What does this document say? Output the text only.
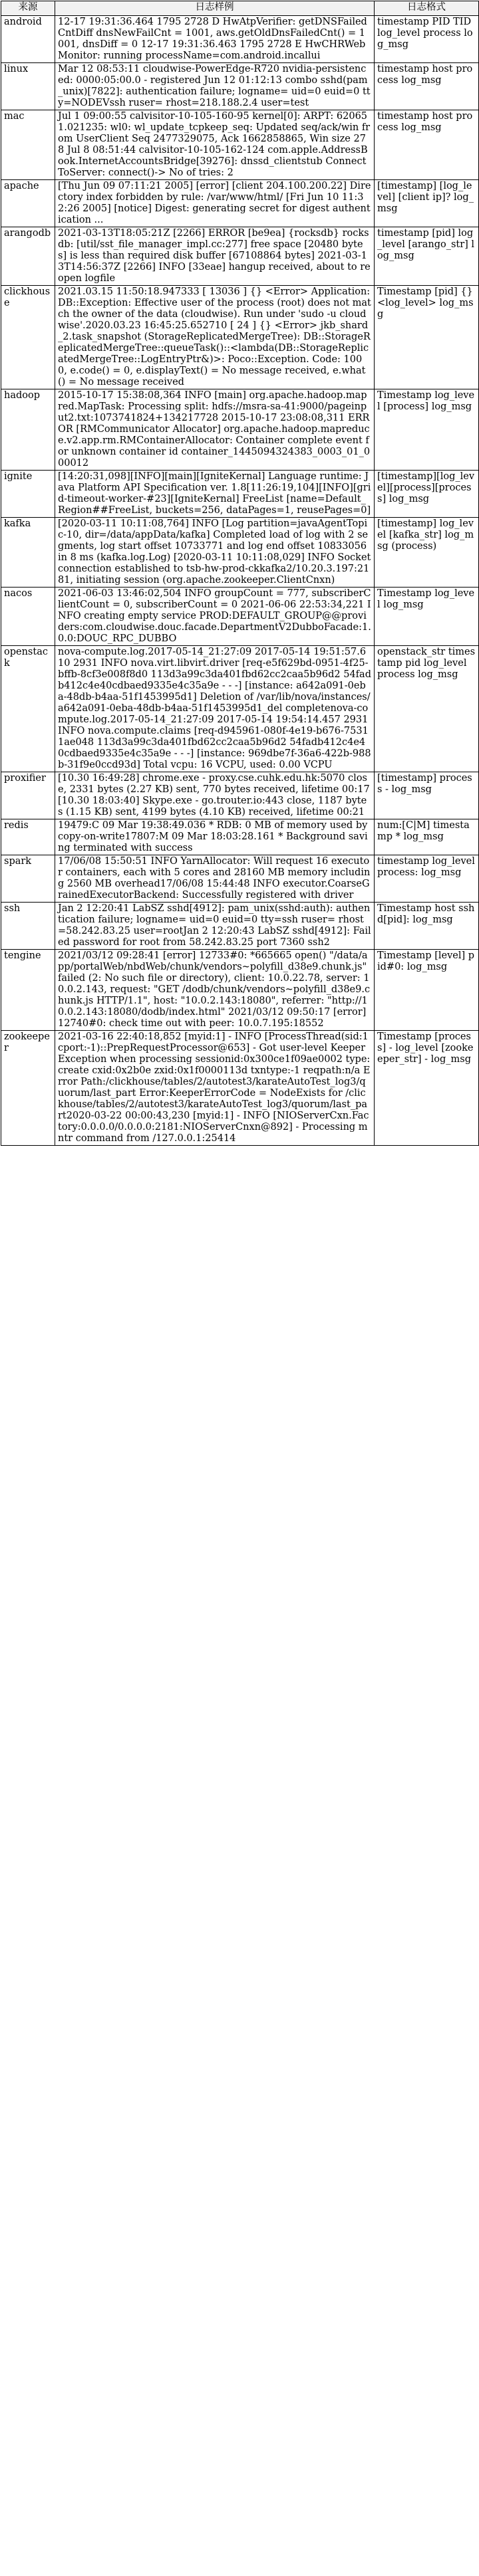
来源	日志样例	日志格式
android	12-17 19:31:36.464 1795 2728 D HwAtpVerifier: getDNSFailedCntDiff dnsNewFailCnt = 1001, aws.getOldDnsFailedCnt() = 1001, dnsDiff = 0 12-17 19:31:36.463 1795 2728 E HwCHRWebMonitor: running processName=com.android.incallui	timestamp PID TID log_level process log_msg
linux	Mar 12 08:53:11 cloudwise-PowerEdge-R720 nvidia-persistenced: 0000:05:00.0 - registered Jun 12 01:12:13 combo sshd(pam_unix)[7822]: authentication failure; logname= uid=0 euid=0 tty=NODEVssh ruser= rhost=218.188.2.4 user=test	timestamp host process log_msg
mac	Jul 1 09:00:55 calvisitor-10-105-160-95 kernel[0]: ARPT: 620651.021235: wl0: wl_update_tcpkeep_seq: Updated seq/ack/win from UserClient Seq 2477329075, Ack 1662858865, Win size 278 Jul 8 08:51:44 calvisitor-10-105-162-124 com.apple.AddressBook.InternetAccountsBridge[39276]: dnssd_clientstub ConnectToServer: connect()-> No of tries: 2	timestamp host process log_msg
apache	[Thu Jun 09 07:11:21 2005] [error] [client 204.100.200.22] Directory index forbidden by rule: /var/www/html/ [Fri Jun 10 11:32:26 2005] [notice] Digest: generating secret for digest authentication ...	[timestamp] [log_level] [client ip]? log_msg
arangodb	2021-03-13T18:05:21Z [2266] ERROR [be9ea] {rocksdb} rocksdb: [util/sst_file_manager_impl.cc:277] free space [20480 bytes] is less than required disk buffer [67108864 bytes] 2021-03-13T14:56:37Z [2266] INFO [33eae] hangup received, about to reopen logfile	timestamp [pid] log_level [arango_str] log_msg
clickhouse	2021.03.15 11:50:18.947333 [ 13036 ] {} <Error> Application: DB::Exception: Effective user of the process (root) does not match the owner of the data (cloudwise). Run under 'sudo -u cloudwise'.2020.03.23 16:45:25.652710 [ 24 ] {} <Error> jkb_shard_2.task_snapshot (StorageReplicatedMergeTree): DB::StorageReplicatedMergeTree::queueTask()::<lambda(DB::StorageReplicatedMergeTree::LogEntryPtr&)>: Poco::Exception. Code: 1000, e.code() = 0, e.displayText() = No message received, e.what() = No message received	Timestamp [pid] {} <log_level> log_msg
hadoop	2015-10-17 15:38:08,364 INFO [main] org.apache.hadoop.mapred.MapTask: Processing split: hdfs://msra-sa-41:9000/pageinput2.txt:1073741824+134217728 2015-10-17 23:08:08,311 ERROR [RMCommunicator Allocator] org.apache.hadoop.mapreduce.v2.app.rm.RMContainerAllocator: Container complete event for unknown container id container_1445094324383_0003_01_000012	Timestamp log_level [process] log_msg
ignite	[14:20:31,098][INFO][main][IgniteKernal] Language runtime: Java Platform API Specification ver. 1.8[11:26:19,104][INFO][grid-timeout-worker-#23][IgniteKernal] FreeList [name=Default_Region##FreeList, buckets=256, dataPages=1, reusePages=0]	[timestamp][log_level][process][process] log_msg
kafka	[2020-03-11 10:11:08,764] INFO [Log partition=javaAgentTopic-10, dir=/data/appData/kafka] Completed load of log with 2 segments, log start offset 10733771 and log end offset 10833056 in 8 ms (kafka.log.Log) [2020-03-11 10:11:08,029] INFO Socket connection established to tsb-hw-prod-ckkafka2/10.20.3.197:2181, initiating session (org.apache.zookeeper.ClientCnxn)	[timestamp] log_level [kafka_str] log_msg (process)
nacos	2021-06-03 13:46:02,504 INFO groupCount = 777, subscriberClientCount = 0, subscriberCount = 0 2021-06-06 22:53:34,221 INFO creating empty service PROD:DEFAULT_GROUP@@providers:com.cloudwise.douc.facade.DepartmentV2DubboFacade:1.0.0:DOUC_RPC_DUBBO	Timestamp log_level log_msg
openstack	nova-compute.log.2017-05-14_21:27:09 2017-05-14 19:51:57.610 2931 INFO nova.virt.libvirt.driver [req-e5f629bd-0951-4f25-bffb-8cf3e008f8d0 113d3a99c3da401fbd62cc2caa5b96d2 54fadb412c4e40cdbaed9335e4c35a9e - - -] [instance: a642a091-0eba-48db-b4aa-51f1453995d1] Deletion of /var/lib/nova/instances/a642a091-0eba-48db-b4aa-51f1453995d1_del completenova-compute.log.2017-05-14_21:27:09 2017-05-14 19:54:14.457 2931 INFO nova.compute.claims [req-d945961-080f-4e19-b676-75311ae048 113d3a99c3da401fbd62cc2caa5b96d2 54fadb412c4e40cdbaed9335e4c35a9e - - -] [instance: 969dbe7f-36a6-422b-988b-31f9e0ccd93d] Total vcpu: 16 VCPU, used: 0.00 VCPU	openstack_str timestamp pid log_level process log_msg
proxifier	[10.30 16:49:28] chrome.exe - proxy.cse.cuhk.edu.hk:5070 close, 2331 bytes (2.27 KB) sent, 770 bytes received, lifetime 00:17[10.30 18:03:40] Skype.exe - go.trouter.io:443 close, 1187 bytes (1.15 KB) sent, 4199 bytes (4.10 KB) received, lifetime 00:21	[timestamp] process - log_msg
redis	19479:C 09 Mar 19:38:49.036 * RDB: 0 MB of memory used by copy-on-write17807:M 09 Mar 18:03:28.161 * Background saving terminated with success	num:[C|M] timestamp * log_msg
spark	17/06/08 15:50:51 INFO YarnAllocator: Will request 16 executor containers, each with 5 cores and 28160 MB memory including 2560 MB overhead17/06/08 15:44:48 INFO executor.CoarseGrainedExecutorBackend: Successfully registered with driver	timestamp log_level process: log_msg
ssh	Jan 2 12:20:41 LabSZ sshd[4912]: pam_unix(sshd:auth): authentication failure; logname= uid=0 euid=0 tty=ssh ruser= rhost=58.242.83.25 user=rootJan 2 12:20:43 LabSZ sshd[4912]: Failed password for root from 58.242.83.25 port 7360 ssh2	Timestamp host sshd[pid]: log_msg
tengine	2021/03/12 09:28:41 [error] 12733#0: *665665 open() "/data/app/portalWeb/nbdWeb/chunk/vendors~polyfill_d38e9.chunk.js" failed (2: No such file or directory), client: 10.0.22.78, server: 10.0.2.143, request: "GET /dodb/chunk/vendors~polyfill_d38e9.chunk.js HTTP/1.1", host: "10.0.2.143:18080", referrer: "http://10.0.2.143:18080/dodb/index.html" 2021/03/12 09:50:17 [error] 12740#0: check time out with peer: 10.0.7.195:18552	Timestamp [level] pid#0: log_msg
zookeeper	2021-03-16 22:40:18,852 [myid:1] - INFO [ProcessThread(sid:1 cport:-1)::PrepRequestProcessor@653] - Got user-level KeeperException when processing sessionid:0x300ce1f09ae0002 type:create cxid:0x2b0e zxid:0x1f0000113d txntype:-1 reqpath:n/a Error Path:/clickhouse/tables/2/autotest3/karateAutoTest_log3/quorum/last_part Error:KeeperErrorCode = NodeExists for /clickhouse/tables/2/autotest3/karateAutoTest_log3/quorum/last_part2020-03-22 00:00:43,230 [myid:1] - INFO [NIOServerCxn.Factory:0.0.0.0/0.0.0.0:2181:NIOServerCnxn@892] - Processing mntr command from /127.0.0.1:25414	Timestamp [process] - log_level [zookeeper_str] - log_msg
